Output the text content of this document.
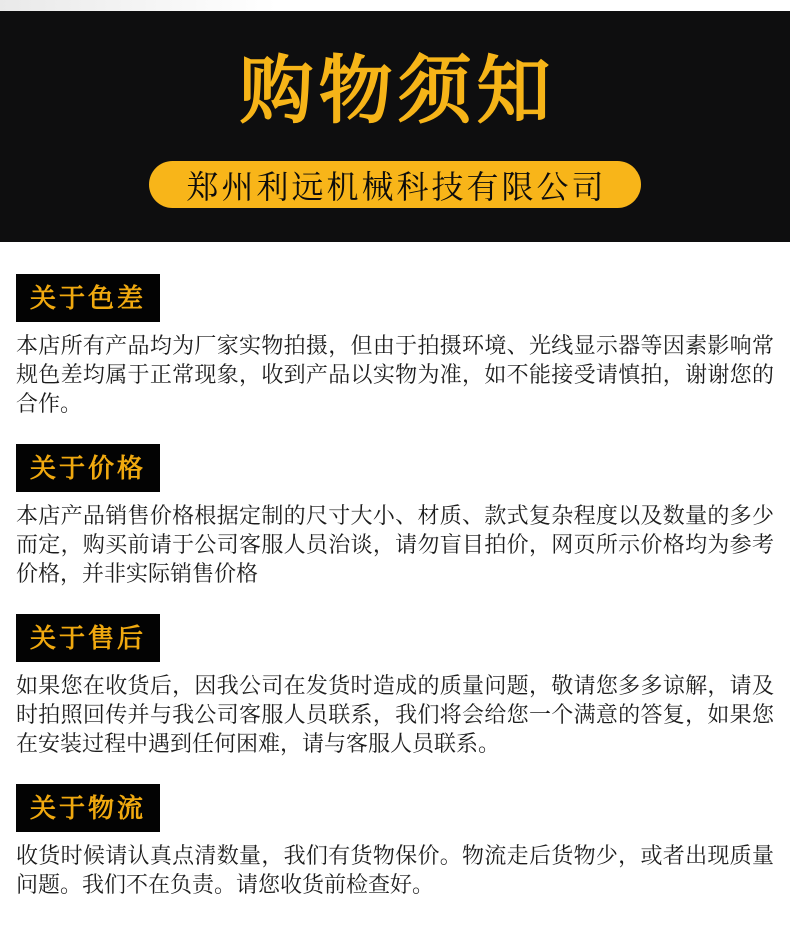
购物须知
郑州利远机械科技有限公司
关于色差

本店所有产品均为厂家实物拍摄，但由于拍摄环境、光线显示器等因素影响常规色差均属于正常现象，收到产品以实物为准，如不能接受请慎拍，谢谢您的合作。

关于价格

本店产品销售价格根据定制的尺寸大小、材质、款式复杂程度以及数量的多少而定，购买前请于公司客服人员治谈，请勿盲目拍价，网页所示价格均为参考价格，并非实际销售价格

关于售后

如果您在收货后，因我公司在发货时造成的质量问题，敬请您多多谅解，请及时拍照回传并与我公司客服人员联系，我们将会给您一个满意的答复，如果您在安装过程中遇到任何困难，请与客服人员联系。

关于物流

收货时候请认真点清数量，我们有货物保价。物流走后货物少，或者出现质量问题。我们不在负责。请您收货前检查好。
